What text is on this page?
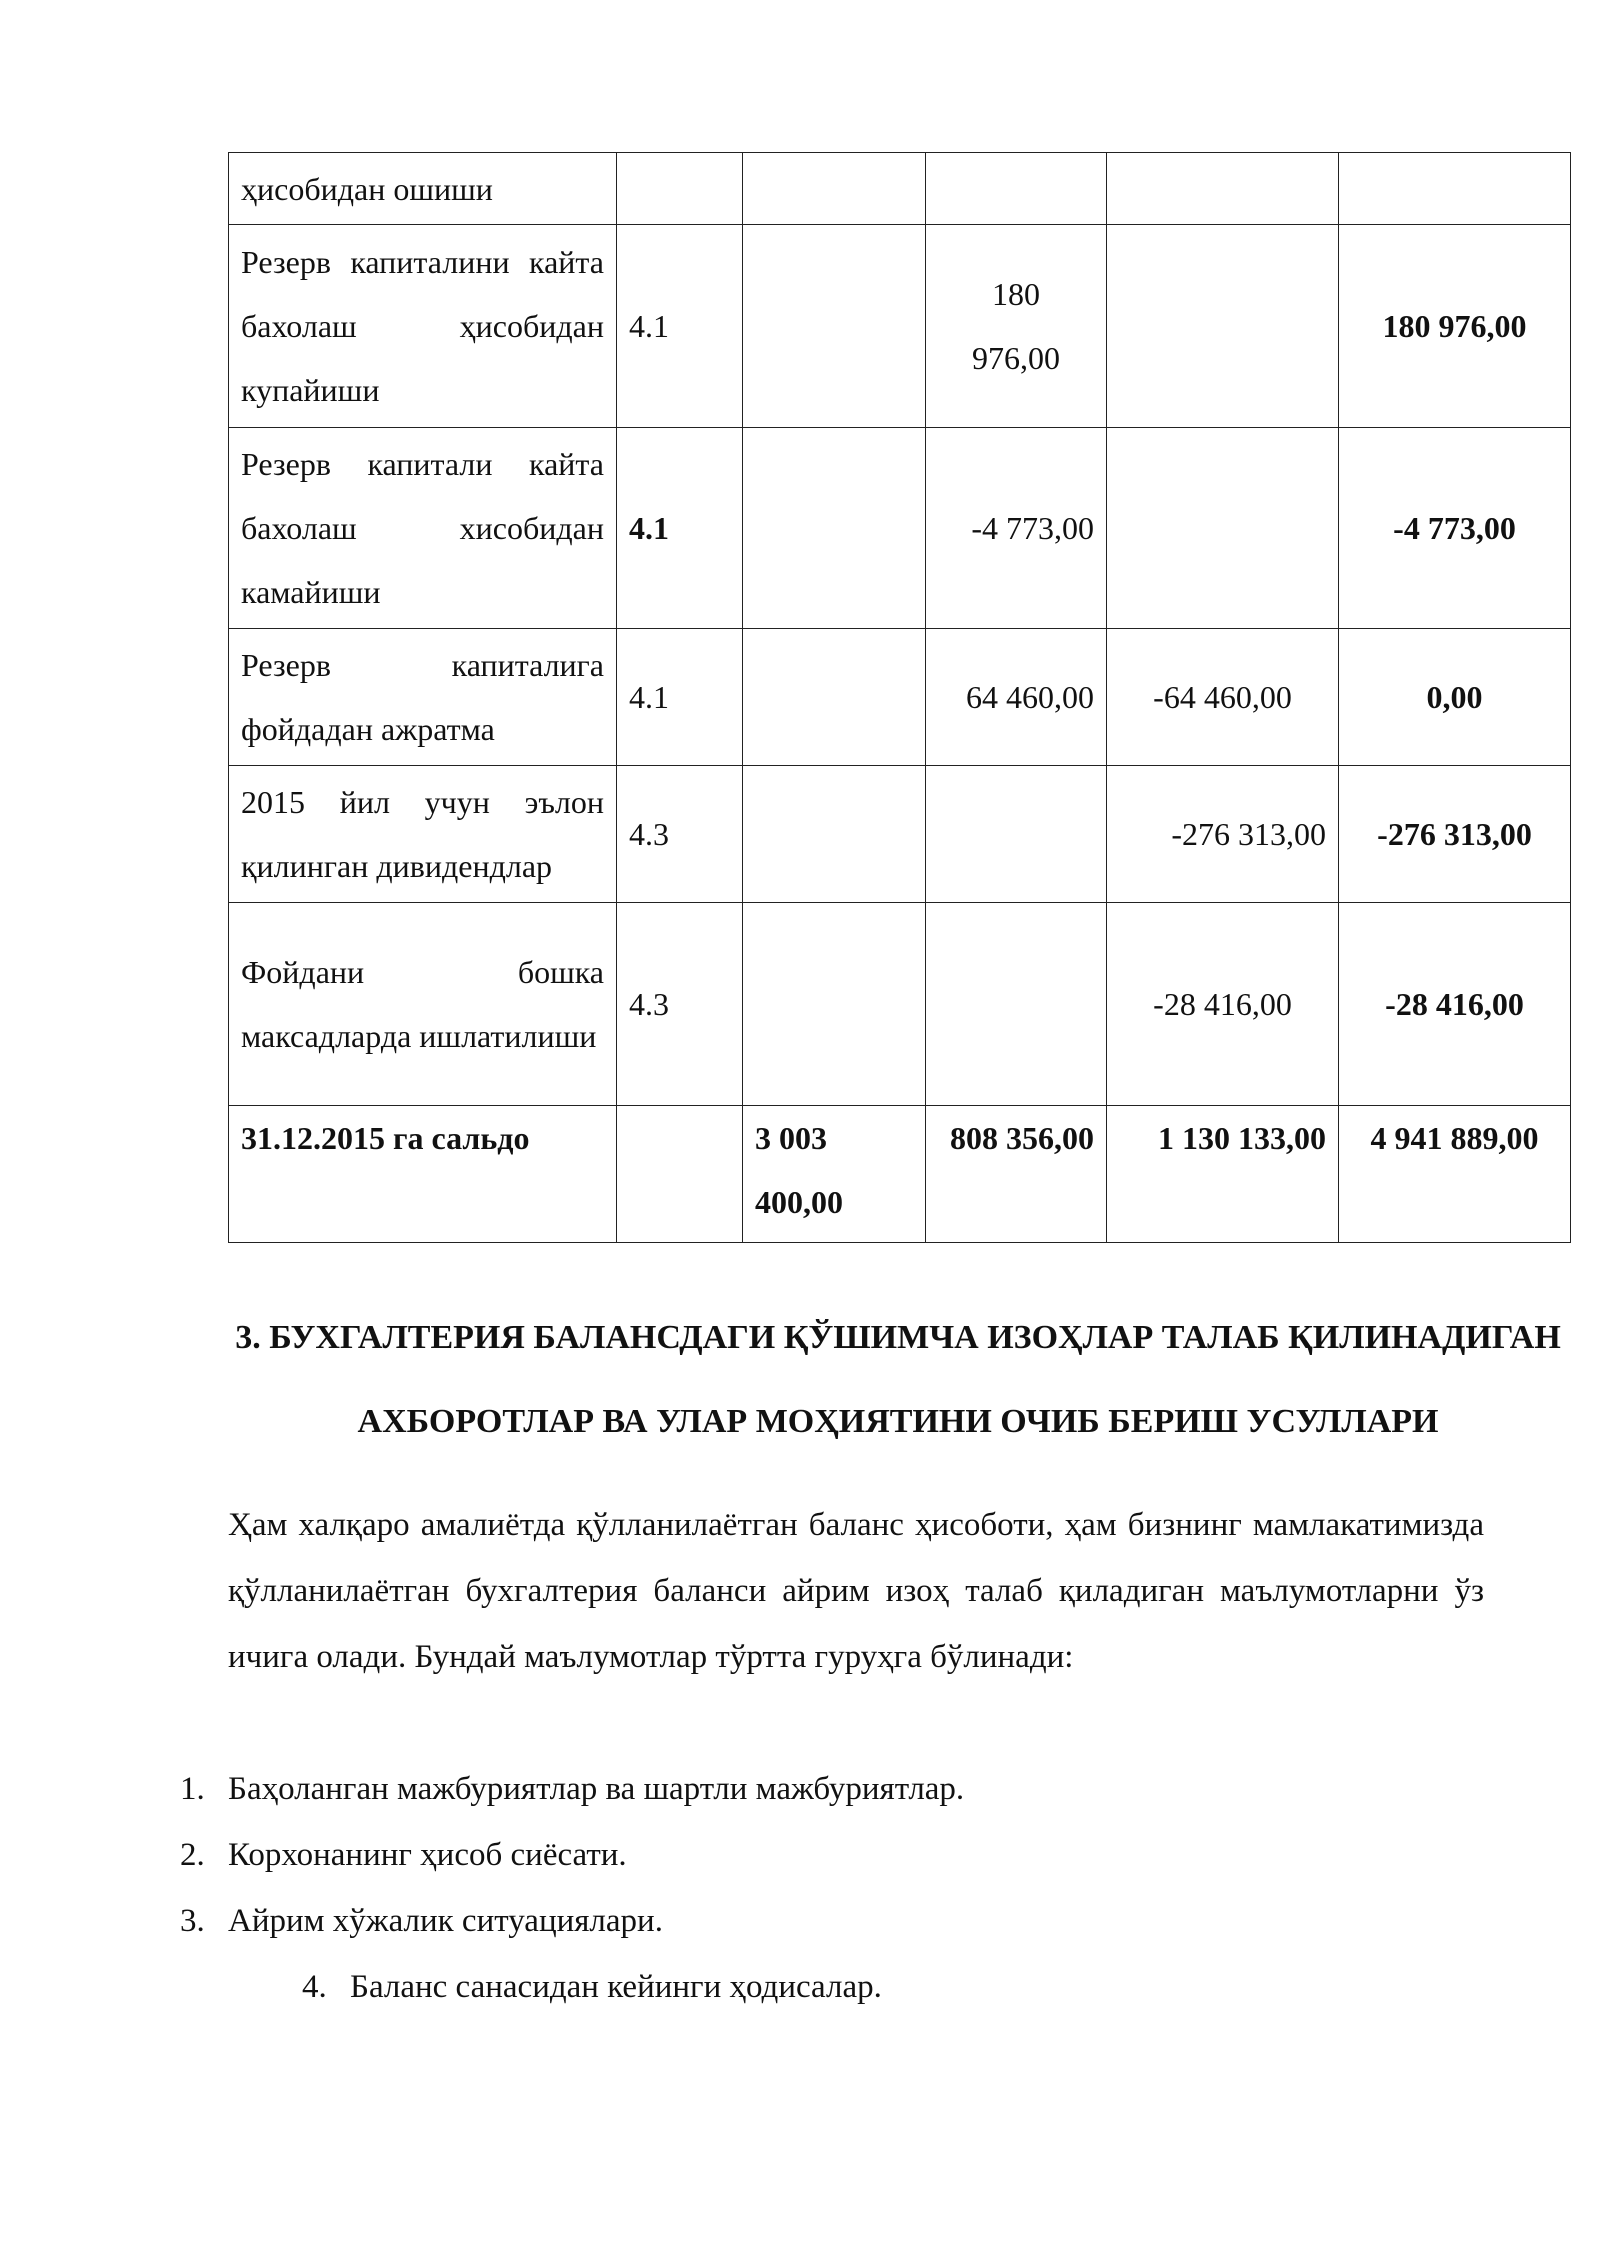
ҳисобидан ошиши					
Резерв капиталини кайта бахолаш ҳисобидан купайиши	4.1		180 976,00		180 976,00
Резерв капитали кайта бахолаш хисобидан камайиши	4.1		-4 773,00		-4 773,00
Резерв капиталига фойдадан ажратма	4.1		64 460,00	-64 460,00	0,00
2015 йил учун эълон қилинган дивидендлар	4.3			-276 313,00	-276 313,00
Фойдани бошка максадларда ишлатилиши	4.3			-28 416,00	-28 416,00
31.12.2015 га сальдо		3 003 400,00	808 356,00	1 130 133,00	4 941 889,00
3. БУХГАЛТЕРИЯ БАЛАНСДАГИ ҚЎШИМЧА ИЗОҲЛАР ТАЛАБ ҚИЛИНАДИГАН АХБОРОТЛАР ВА УЛАР МОҲИЯТИНИ ОЧИБ БЕРИШ УСУЛЛАРИ

Ҳам халқаро амалиётда қўлланилаётган баланс ҳисоботи, ҳам бизнинг мамлакатимизда қўлланилаётган бухгалтерия баланси айрим изоҳ талаб қиладиган маълумотларни ўз ичига олади. Бундай маълумотлар тўртта гуруҳга бўлинади:

1. Баҳоланган мажбуриятлар ва шартли мажбуриятлар.
2. Корхонанинг ҳисоб сиёсати.
3. Айрим хўжалик ситуациялари.
4. Баланс санасидан кейинги ҳодисалар.
